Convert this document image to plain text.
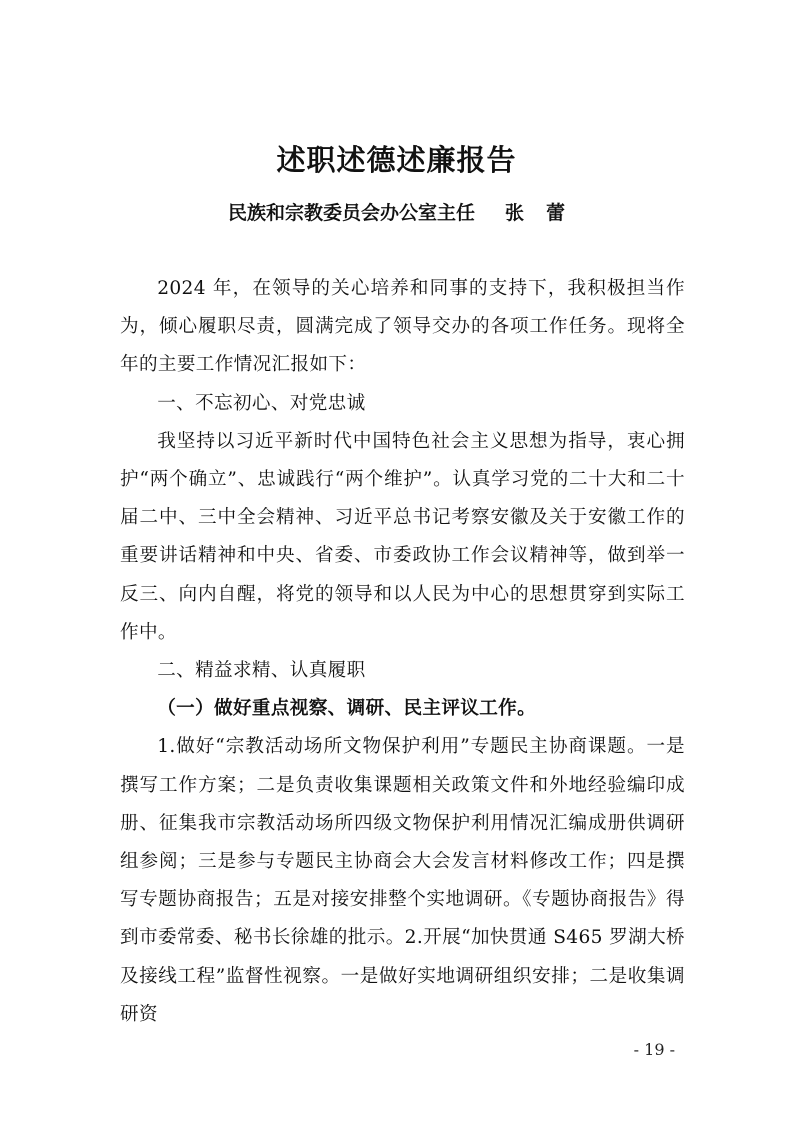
述职述德述廉报告
民族和宗教委员会办公室主任 张 蕾

2024 年，在领导的关心培养和同事的支持下，我积极担当作为，倾心履职尽责，圆满完成了领导交办的各项工作任务。现将全年的主要工作情况汇报如下：

一、不忘初心、对党忠诚

我坚持以习近平新时代中国特色社会主义思想为指导，衷心拥护“两个确立”、忠诚践行“两个维护”。认真学习党的二十大和二十届二中、三中全会精神、习近平总书记考察安徽及关于安徽工作的重要讲话精神和中央、省委、市委政协工作会议精神等，做到举一反三、向内自醒，将党的领导和以人民为中心的思想贯穿到实际工作中。

二、精益求精、认真履职

（一）做好重点视察、调研、民主评议工作。

1.做好“宗教活动场所文物保护利用”专题民主协商课题。一是撰写工作方案；二是负责收集课题相关政策文件和外地经验编印成册、征集我市宗教活动场所四级文物保护利用情况汇编成册供调研组参阅；三是参与专题民主协商会大会发言材料修改工作；四是撰写专题协商报告；五是对接安排整个实地调研。《专题协商报告》得到市委常委、秘书长徐雄的批示。2.开展“加快贯通 S465 罗湖大桥及接线工程”监督性视察。一是做好实地调研组织安排；二是收集调研资

- 19 -
